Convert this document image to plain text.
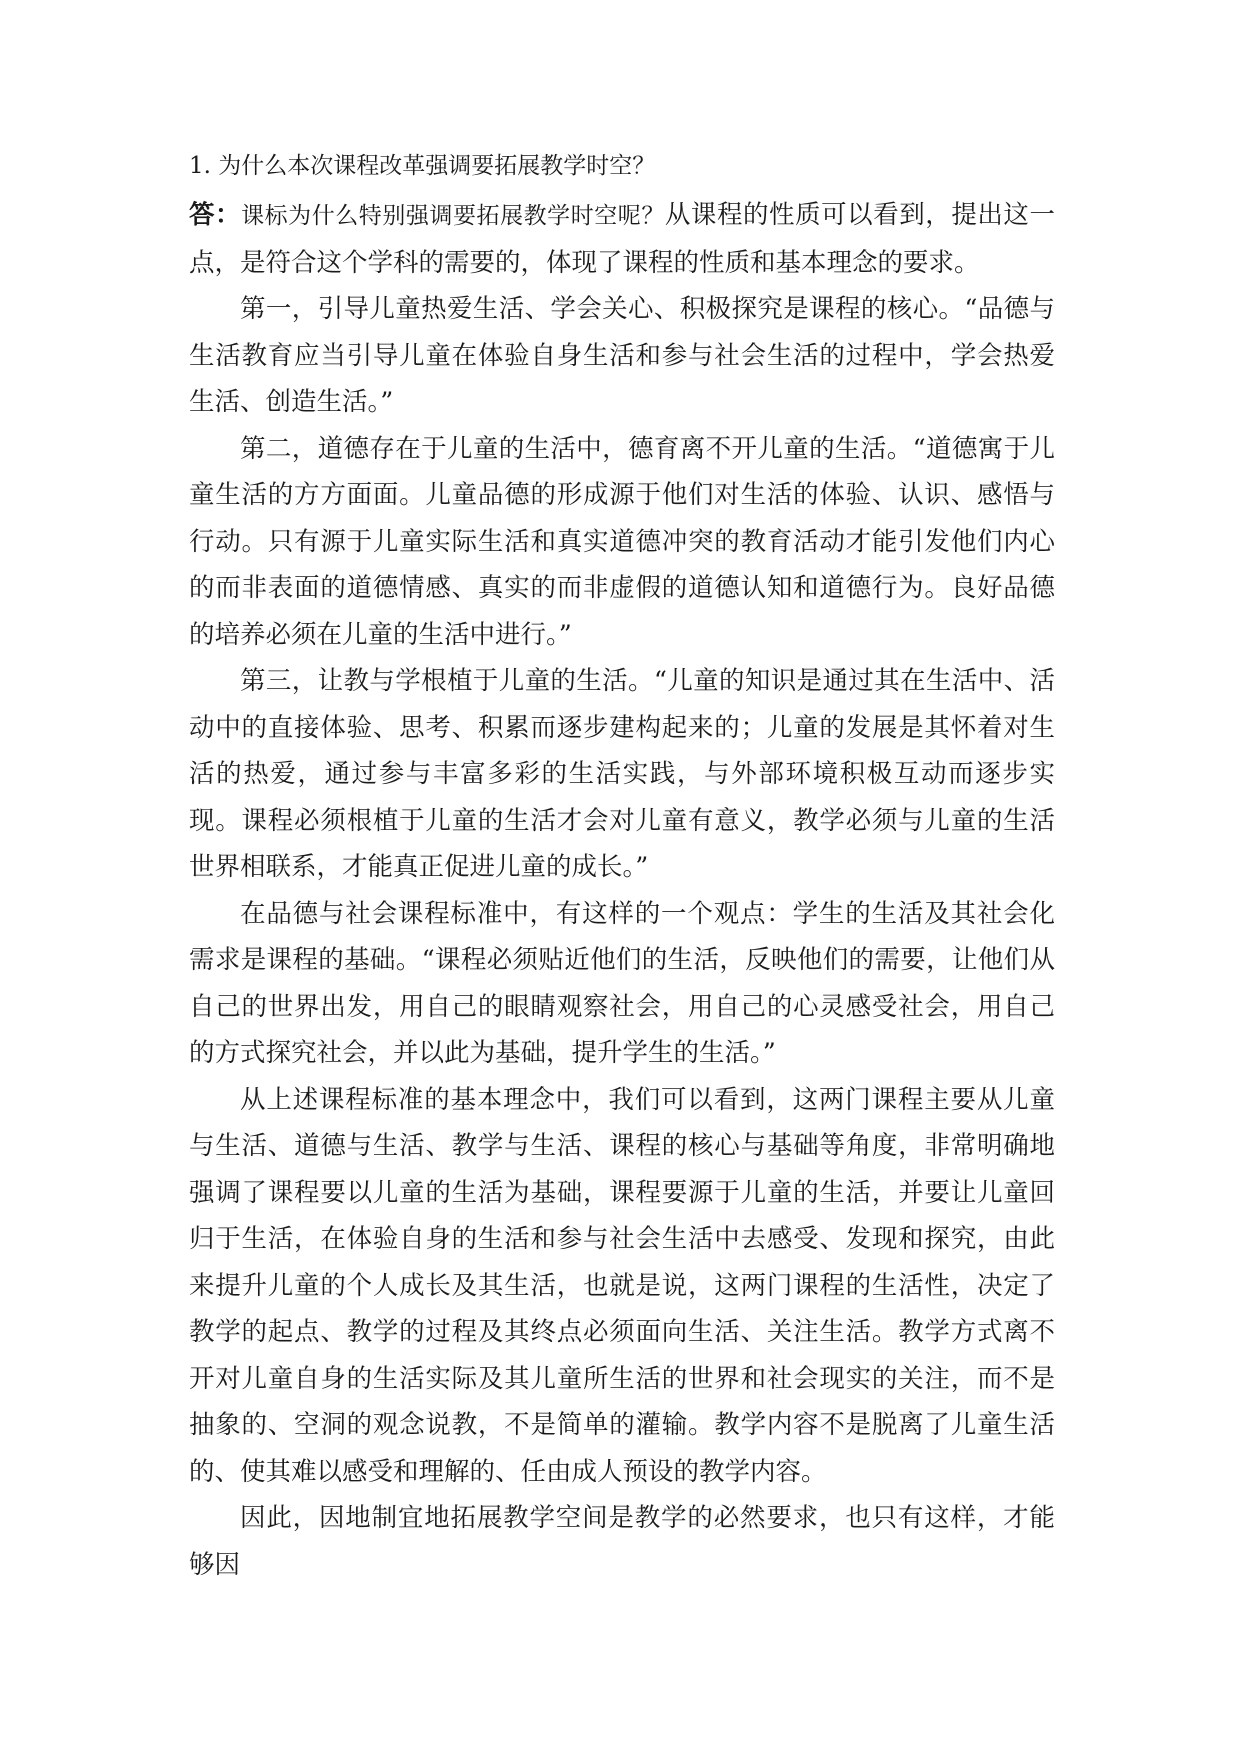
1. 为什么本次课程改革强调要拓展教学时空？

答：课标为什么特别强调要拓展教学时空呢？从课程的性质可以看到，提出这一点，是符合这个学科的需要的，体现了课程的性质和基本理念的要求。

第一，引导儿童热爱生活、学会关心、积极探究是课程的核心。“品德与生活教育应当引导儿童在体验自身生活和参与社会生活的过程中，学会热爱生活、创造生活。”

第二，道德存在于儿童的生活中，德育离不开儿童的生活。“道德寓于儿童生活的方方面面。儿童品德的形成源于他们对生活的体验、认识、感悟与行动。只有源于儿童实际生活和真实道德冲突的教育活动才能引发他们内心的而非表面的道德情感、真实的而非虚假的道德认知和道德行为。良好品德的培养必须在儿童的生活中进行。”

第三，让教与学根植于儿童的生活。“儿童的知识是通过其在生活中、活动中的直接体验、思考、积累而逐步建构起来的；儿童的发展是其怀着对生活的热爱，通过参与丰富多彩的生活实践，与外部环境积极互动而逐步实现。课程必须根植于儿童的生活才会对儿童有意义，教学必须与儿童的生活世界相联系，才能真正促进儿童的成长。”

在品德与社会课程标准中，有这样的一个观点：学生的生活及其社会化需求是课程的基础。“课程必须贴近他们的生活，反映他们的需要，让他们从自己的世界出发，用自己的眼睛观察社会，用自己的心灵感受社会，用自己的方式探究社会，并以此为基础，提升学生的生活。”

从上述课程标准的基本理念中，我们可以看到，这两门课程主要从儿童与生活、道德与生活、教学与生活、课程的核心与基础等角度，非常明确地强调了课程要以儿童的生活为基础，课程要源于儿童的生活，并要让儿童回归于生活，在体验自身的生活和参与社会生活中去感受、发现和探究，由此来提升儿童的个人成长及其生活，也就是说，这两门课程的生活性，决定了教学的起点、教学的过程及其终点必须面向生活、关注生活。教学方式离不开对儿童自身的生活实际及其儿童所生活的世界和社会现实的关注，而不是抽象的、空洞的观念说教，不是简单的灌输。教学内容不是脱离了儿童生活的、使其难以感受和理解的、任由成人预设的教学内容。

因此，因地制宜地拓展教学空间是教学的必然要求，也只有这样，才能够因
